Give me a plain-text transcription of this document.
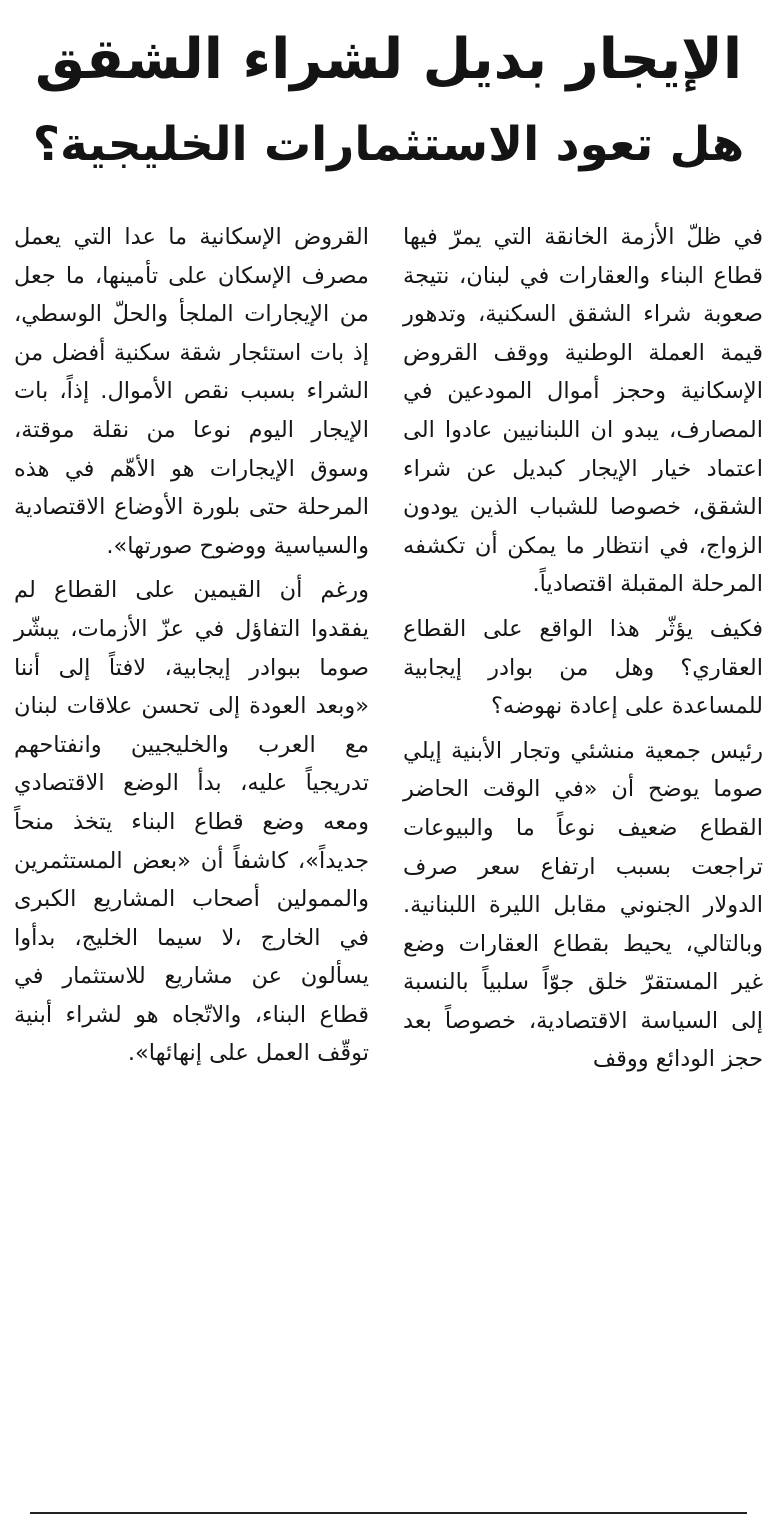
الإيجار بديل لشراء الشقق
هل تعود الاستثمارات الخليجية؟

في ظلّ الأزمة الخانقة التي يمرّ فيها قطاع البناء والعقارات في لبنان، نتيجة صعوبة شراء الشقق السكنية، وتدهور قيمة العملة الوطنية ووقف القروض الإسكانية وحجز أموال المودعين في المصارف، يبدو ان اللبنانيين عادوا الى اعتماد خيار الإيجار كبديل عن شراء الشقق، خصوصا للشباب الذين يودون الزواج، في انتظار ما يمكن أن تكشفه المرحلة المقبلة اقتصادياً.

فكيف يؤثّر هذا الواقع على القطاع العقاري؟ وهل من بوادر إيجابية للمساعدة على إعادة نهوضه؟

رئيس جمعية منشئي وتجار الأبنية إيلي صوما يوضح أن «في الوقت الحاضر القطاع ضعيف نوعاً ما والبيوعات تراجعت بسبب ارتفاع سعر صرف الدولار الجنوني مقابل الليرة اللبنانية. وبالتالي، يحيط بقطاع العقارات وضع غير المستقرّ خلق جوّاً سلبياً بالنسبة إلى السياسة الاقتصادية، خصوصاً بعد حجز الودائع ووقف

القروض الإسكانية ما عدا التي يعمل مصرف الإسكان على تأمينها، ما جعل من الإيجارات الملجأ والحلّ الوسطي، إذ بات استئجار شقة سكنية أفضل من الشراء بسبب نقص الأموال. إذاً، بات الإيجار اليوم نوعا من نقلة موقتة، وسوق الإيجارات هو الأهّم في هذه المرحلة حتى بلورة الأوضاع الاقتصادية والسياسية ووضوح صورتها».

ورغم أن القيمين على القطاع لم يفقدوا التفاؤل في عزّ الأزمات، يبشّر صوما ببوادر إيجابية، لافتاً إلى أننا «وبعد العودة إلى تحسن علاقات لبنان مع العرب والخليجيين وانفتاحهم تدريجياً عليه، بدأ الوضع الاقتصادي ومعه وضع قطاع البناء يتخذ منحاً جديداً»، كاشفاً أن «بعض المستثمرين والممولين أصحاب المشاريع الكبرى في الخارج ،لا سيما الخليج، بدأوا يسألون عن مشاريع للاستثمار في قطاع البناء، والاتّجاه هو لشراء أبنية توقّف العمل على إنهائها».
